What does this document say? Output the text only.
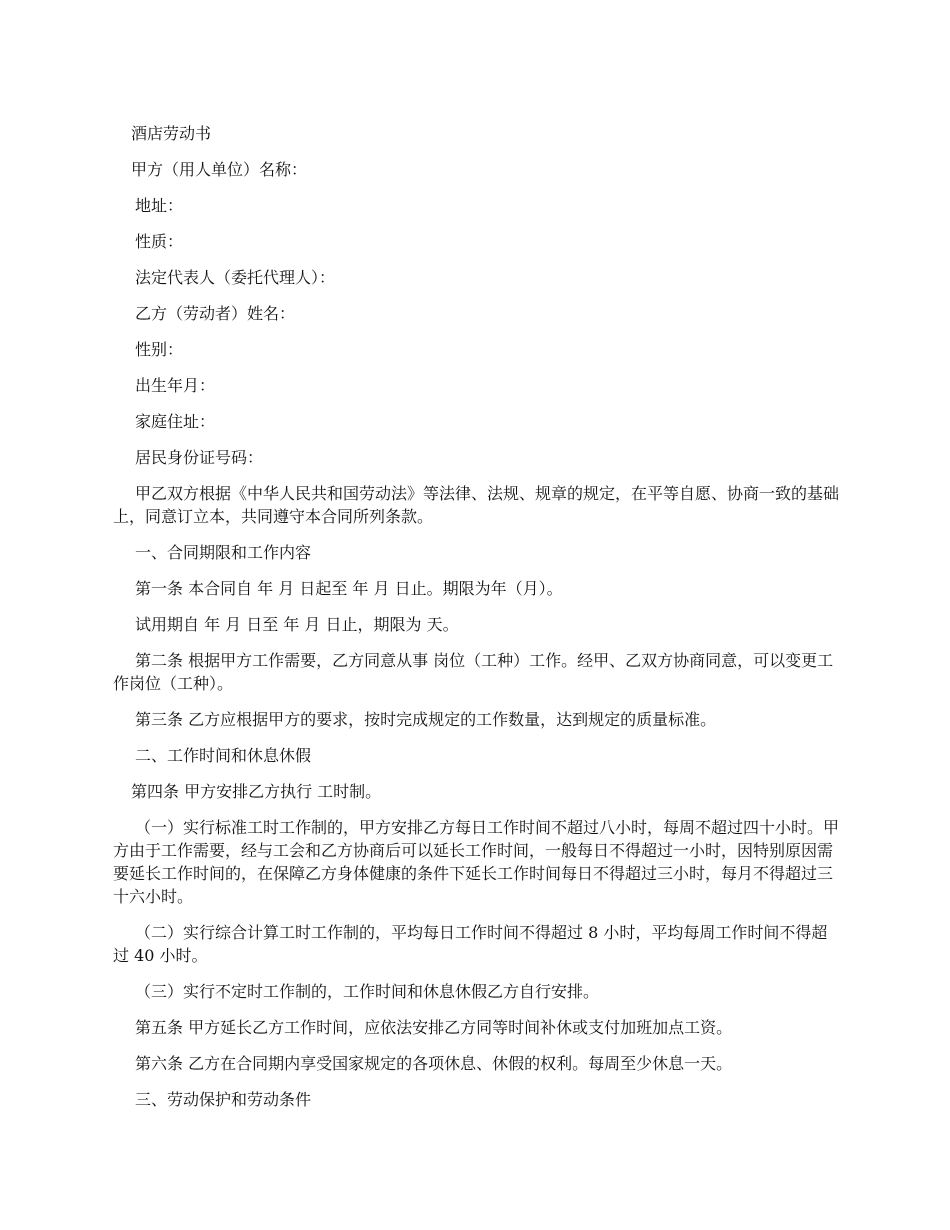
酒店劳动书

甲方（用人单位）名称：

地址：

性质：

法定代表人（委托代理人）：

乙方（劳动者）姓名：

性别：

出生年月：

家庭住址：

居民身份证号码：

甲乙双方根据《中华人民共和国劳动法》等法律、法规、规章的规定，在平等自愿、协商一致的基础上，同意订立本，共同遵守本合同所列条款。

一、合同期限和工作内容

第一条 本合同自 年 月 日起至 年 月 日止。期限为年（月）。

试用期自 年 月 日至 年 月 日止，期限为 天。

第二条 根据甲方工作需要，乙方同意从事 岗位（工种）工作。经甲、乙双方协商同意，可以变更工作岗位（工种）。

第三条 乙方应根据甲方的要求，按时完成规定的工作数量，达到规定的质量标准。

二、工作时间和休息休假

第四条 甲方安排乙方执行 工时制。

（一）实行标准工时工作制的，甲方安排乙方每日工作时间不超过八小时，每周不超过四十小时。甲方由于工作需要，经与工会和乙方协商后可以延长工作时间，一般每日不得超过一小时，因特别原因需要延长工作时间的，在保障乙方身体健康的条件下延长工作时间每日不得超过三小时，每月不得超过三十六小时。

（二）实行综合计算工时工作制的，平均每日工作时间不得超过 8 小时，平均每周工作时间不得超过 40 小时。

（三）实行不定时工作制的，工作时间和休息休假乙方自行安排。

第五条 甲方延长乙方工作时间，应依法安排乙方同等时间补休或支付加班加点工资。

第六条 乙方在合同期内享受国家规定的各项休息、休假的权利。每周至少休息一天。

三、劳动保护和劳动条件
